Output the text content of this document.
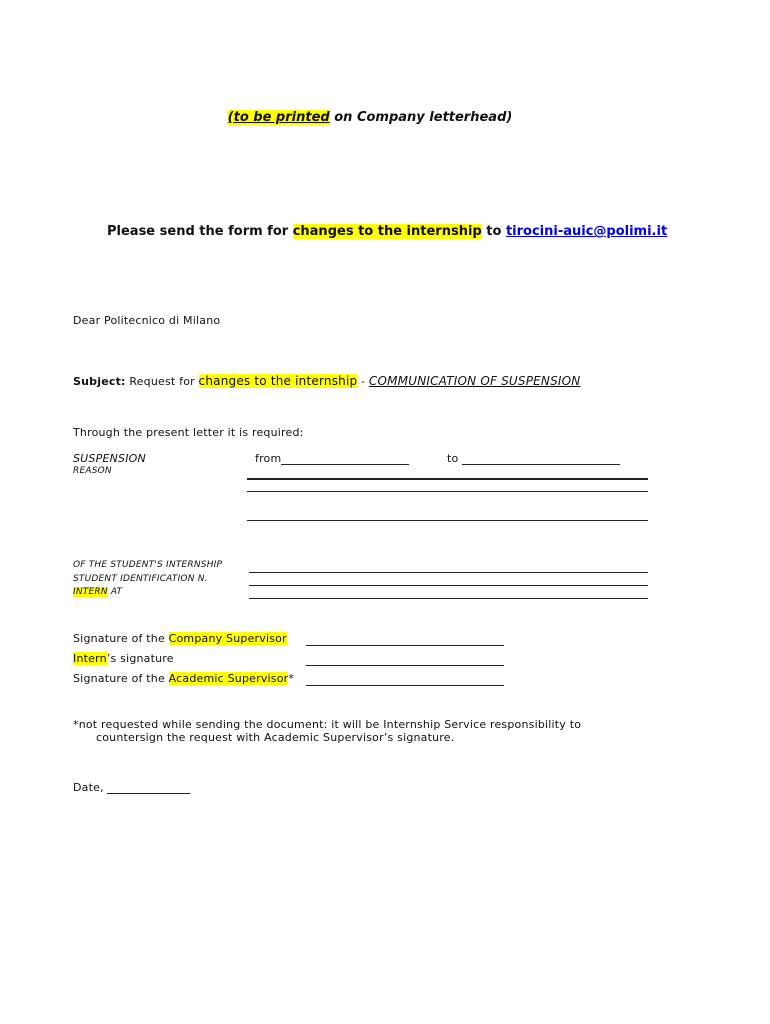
(to be printed on Company letterhead)
Please send the form for changes to the internship to tirocini-auic@polimi.it
Dear Politecnico di Milano
Subject: Request for changes to the internship - COMMUNICATION OF SUSPENSION
Through the present letter it is required:
SUSPENSION	from	to
REASON
OF THE STUDENT'S INTERNSHIP
STUDENT IDENTIFICATION N.
INTERN AT
Signature of the Company Supervisor
Intern’s signature
Signature of the Academic Supervisor*
*not requested while sending the document: it will be Internship Service responsibility to
countersign the request with Academic Supervisor’s signature.
Date,
